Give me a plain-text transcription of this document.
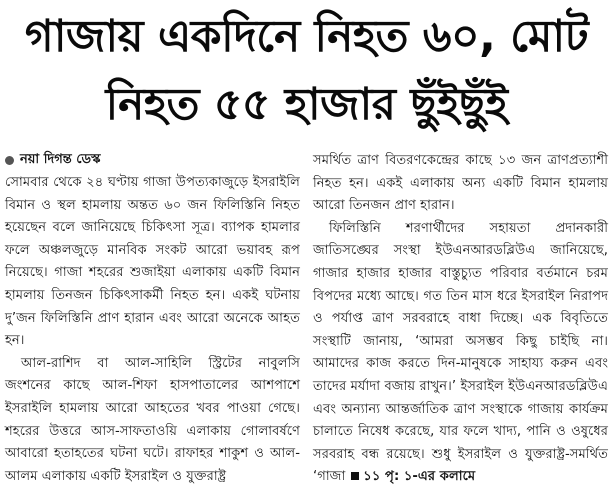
গাজায় একদিনে নিহত ৬০, মোট
নিহত ৫৫ হাজার ছুঁইছুঁই
নয়া দিগন্ত ডেস্ক

সোমবার থেকে ২৪ ঘণ্টায় গাজা উপত্যকাজুড়ে ইসরাইলি বিমান ও স্থল হামলায় অন্তত ৬০ জন ফিলিস্তিনি নিহত হয়েছেন বলে জানিয়েছে চিকিৎসা সূত্র। ব্যাপক হামলার ফলে অঞ্চলজুড়ে মানবিক সংকট আরো ভয়াবহ রূপ নিয়েছে। গাজা শহরের শুজাইয়া এলাকায় একটি বিমান হামলায় তিনজন চিকিৎসাকর্মী নিহত হন। একই ঘটনায় দু’জন ফিলিস্তিনি প্রাণ হারান এবং আরো অনেকে আহত হন।

আল-রাশিদ বা আল-সাহিলি স্ট্রিটের নাবুলসি জংশনের কাছে আল-শিফা হাসপাতালের আশপাশে ইসরাইলি হামলায় আরো আহতের খবর পাওয়া গেছে। শহরের উত্তরে আস-সাফতাওয়ি এলাকায় গোলাবর্ষণে আবারো হতাহতের ঘটনা ঘটে। রাফাহর শাকুশ ও আল-আলম এলাকায় একটি ইসরাইল ও যুক্তরাষ্ট্র

সমর্থিত ত্রাণ বিতরণকেন্দ্রের কাছে ১৩ জন ত্রাণপ্রত্যাশী নিহত হন। একই এলাকায় অন্য একটি বিমান হামলায় আরো তিনজন প্রাণ হারান।

ফিলিস্তিনি শরণার্থীদের সহায়তা প্রদানকারী জাতিসঙ্ঘের সংস্থা ইউএনআরডব্লিউএ জানিয়েছে, গাজার হাজার হাজার বাস্তুচ্যুত পরিবার বর্তমানে চরম বিপদের মধ্যে আছে। গত তিন মাস ধরে ইসরাইল নিরাপদ ও পর্যাপ্ত ত্রাণ সরবরাহে বাধা দিচ্ছে। এক বিবৃতিতে সংস্থাটি জানায়, ‘আমরা অসম্ভব কিছু চাইছি না। আমাদের কাজ করতে দিন-মানুষকে সাহায্য করুন এবং তাদের মর্যাদা বজায় রাখুন।’ ইসরাইল ইউএনআরডব্লিউএ এবং অন্যান্য আন্তর্জাতিক ত্রাণ সংস্থাকে গাজায় কার্যক্রম চালাতে নিষেধ করেছে, যার ফলে খাদ্য, পানি ও ওষুধের সরবরাহ বন্ধ রয়েছে। শুধু ইসরাইল ও যুক্তরাষ্ট্র-সমর্থিত ‘গাজা ১১ পৃ: ১-এর কলামে
